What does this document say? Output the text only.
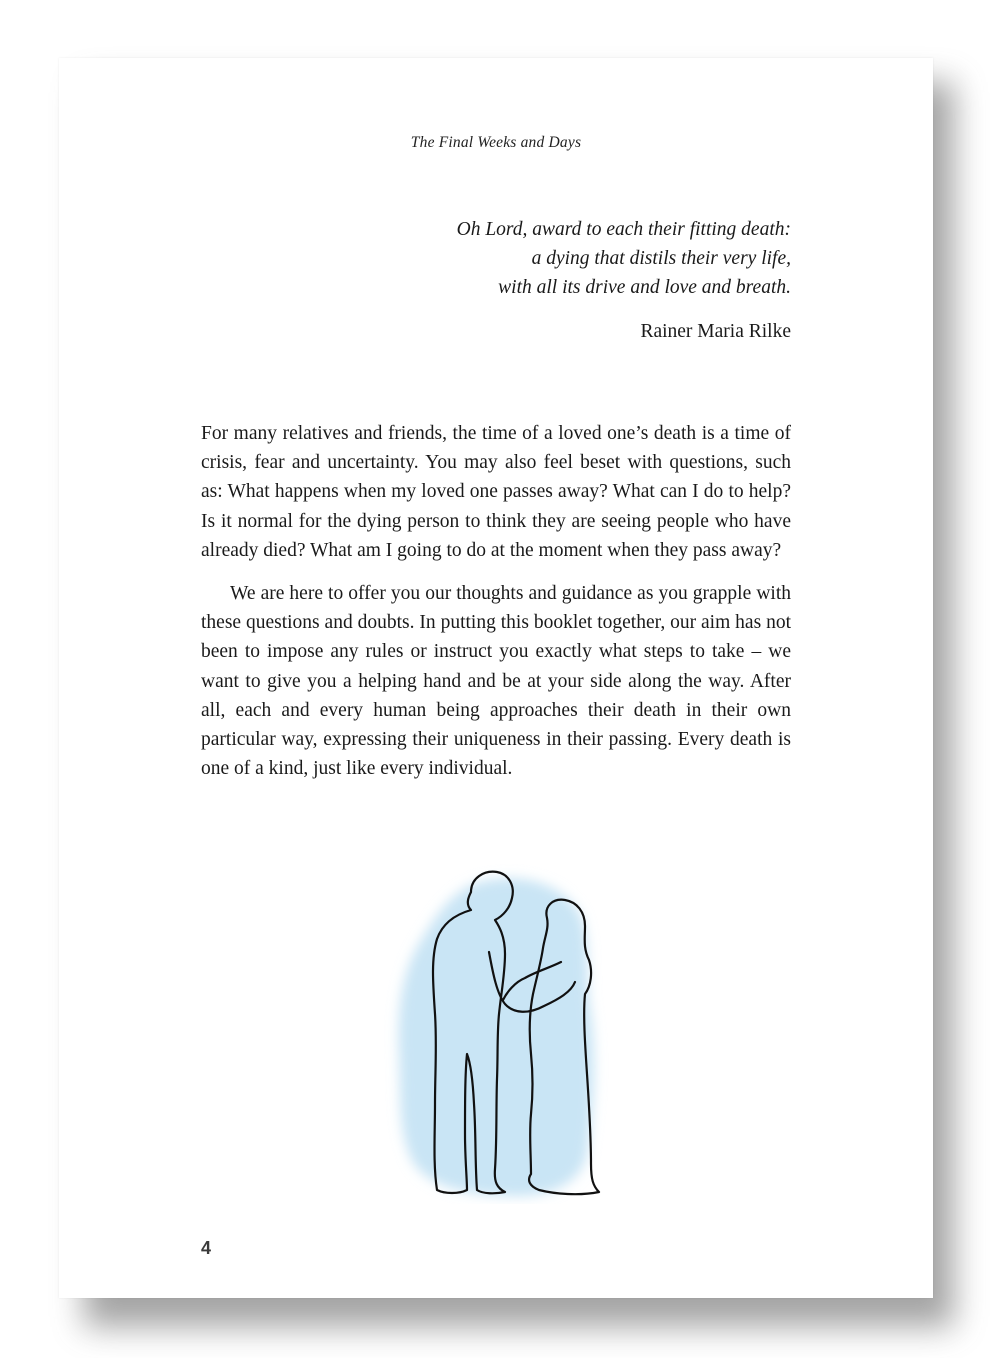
The Final Weeks and Days
Oh Lord, award to each their fitting death:
a dying that distils their very life,
with all its drive and love and breath.
Rainer Maria Rilke

For many relatives and friends, the time of a loved one’s death is a time of crisis, fear and uncertainty. You may also feel beset with questions, such as: What happens when my loved one passes away? What can I do to help? Is it normal for the dying person to think they are seeing people who have already died? What am I going to do at the moment when they pass away?

We are here to offer you our thoughts and guidance as you grapple with these questions and doubts. In putting this booklet together, our aim has not been to impose any rules or instruct you exactly what steps to take – we want to give you a helping hand and be at your side along the way. After all, each and every human being approaches their death in their own particular way, expressing their uniqueness in their passing. Every death is one of a kind, just like every individual.

4
